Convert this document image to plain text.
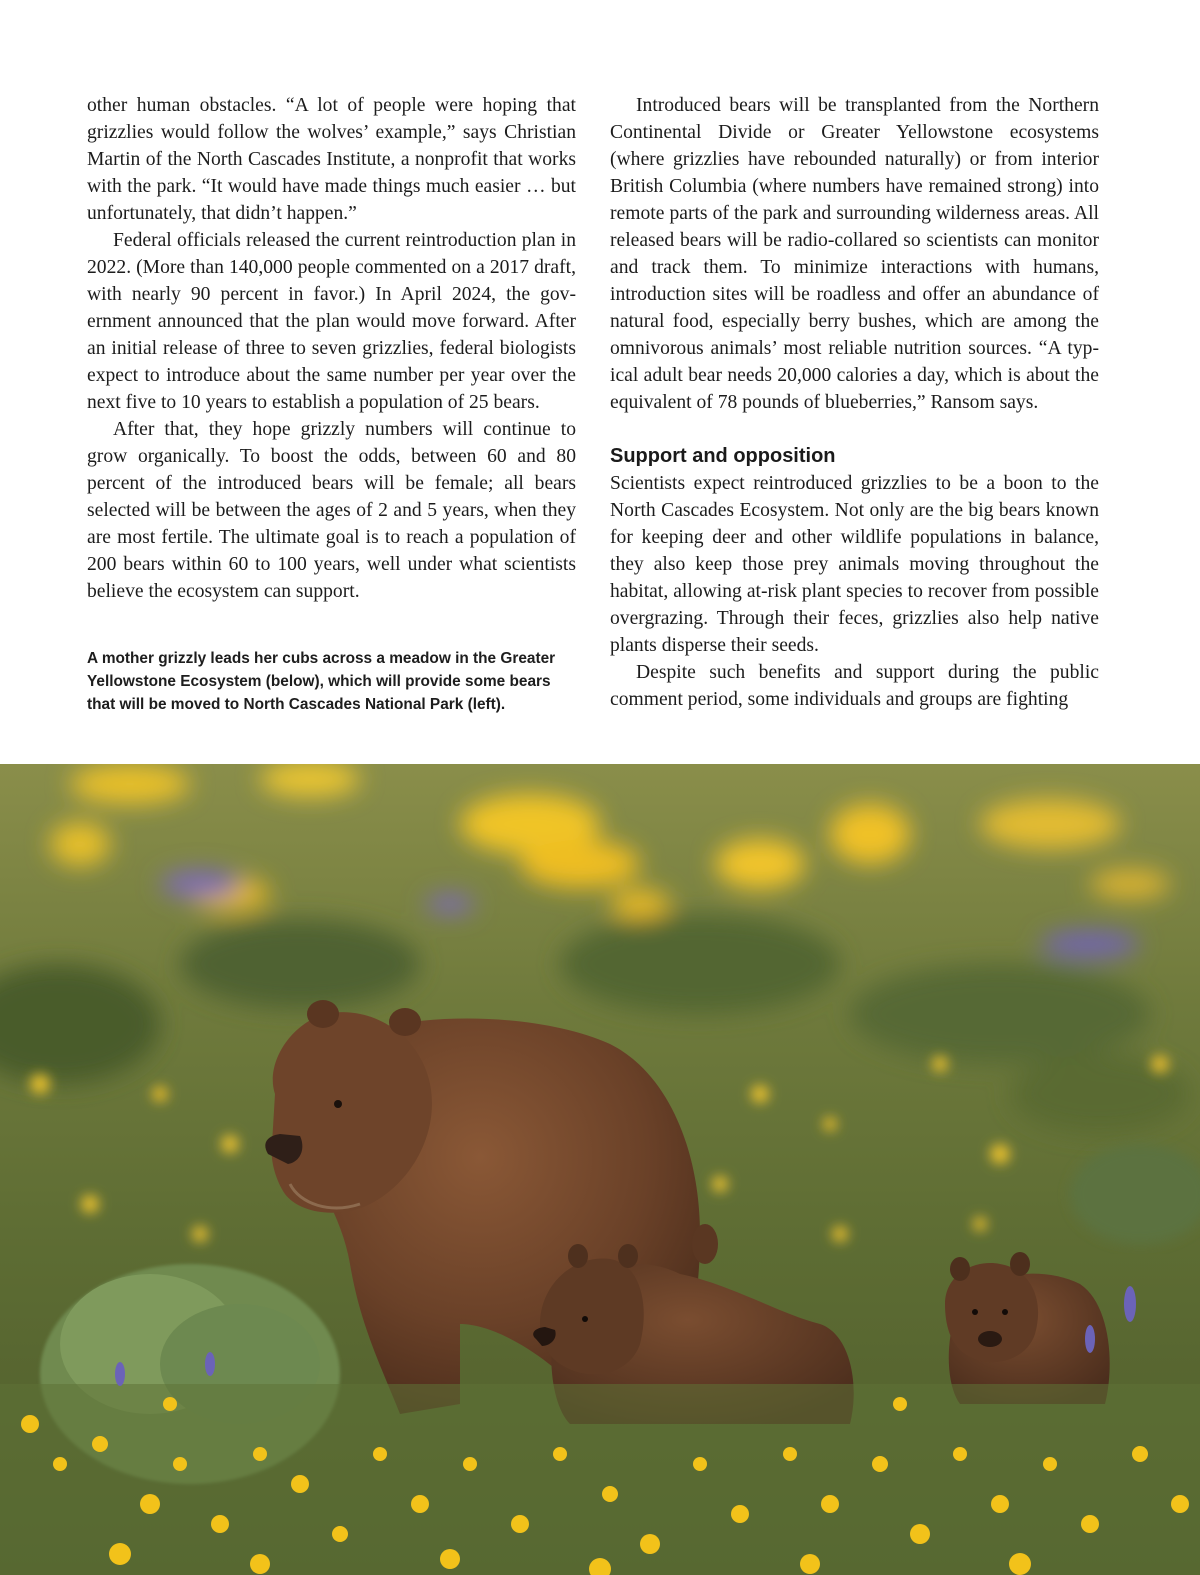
other human obstacles. “A lot of people were hoping that grizzlies would follow the wolves’ example,” says Christian Martin of the North Cascades Institute, a nonprofit that works with the park. “It would have made things much easier … but unfortunately, that didn’t happen.”

Federal officials released the current reintroduction plan in 2022. (More than 140,000 people commented on a 2017 draft, with nearly 90 percent in favor.) In April 2024, the government announced that the plan would move forward. After an initial release of three to seven grizzlies, federal biologists expect to introduce about the same number per year over the next five to 10 years to establish a population of 25 bears.

After that, they hope grizzly numbers will continue to grow organically. To boost the odds, between 60 and 80 percent of the introduced bears will be female; all bears selected will be between the ages of 2 and 5 years, when they are most fertile. The ultimate goal is to reach a population of 200 bears within 60 to 100 years, well under what scientists believe the ecosystem can support.

Introduced bears will be transplanted from the Northern Continental Divide or Greater Yellowstone ecosystems (where grizzlies have rebounded naturally) or from interior British Columbia (where numbers have remained strong) into remote parts of the park and surrounding wilderness areas. All released bears will be radio-collared so scientists can monitor and track them. To minimize interactions with humans, introduction sites will be roadless and offer an abundance of natural food, especially berry bushes, which are among the omnivorous animals’ most reliable nutrition sources. “A typical adult bear needs 20,000 calories a day, which is about the equivalent of 78 pounds of blueberries,” Ransom says.

Support and opposition

Scientists expect reintroduced grizzlies to be a boon to the North Cascades Ecosystem. Not only are the big bears known for keeping deer and other wildlife populations in balance, they also keep those prey animals moving throughout the habitat, allowing at-risk plant species to recover from possible overgrazing. Through their feces, grizzlies also help native plants disperse their seeds.

Despite such benefits and support during the public comment period, some individuals and groups are fighting

A mother grizzly leads her cubs across a meadow in the Greater Yellowstone Ecosystem (below), which will provide some bears that will be moved to North Cascades National Park (left).
